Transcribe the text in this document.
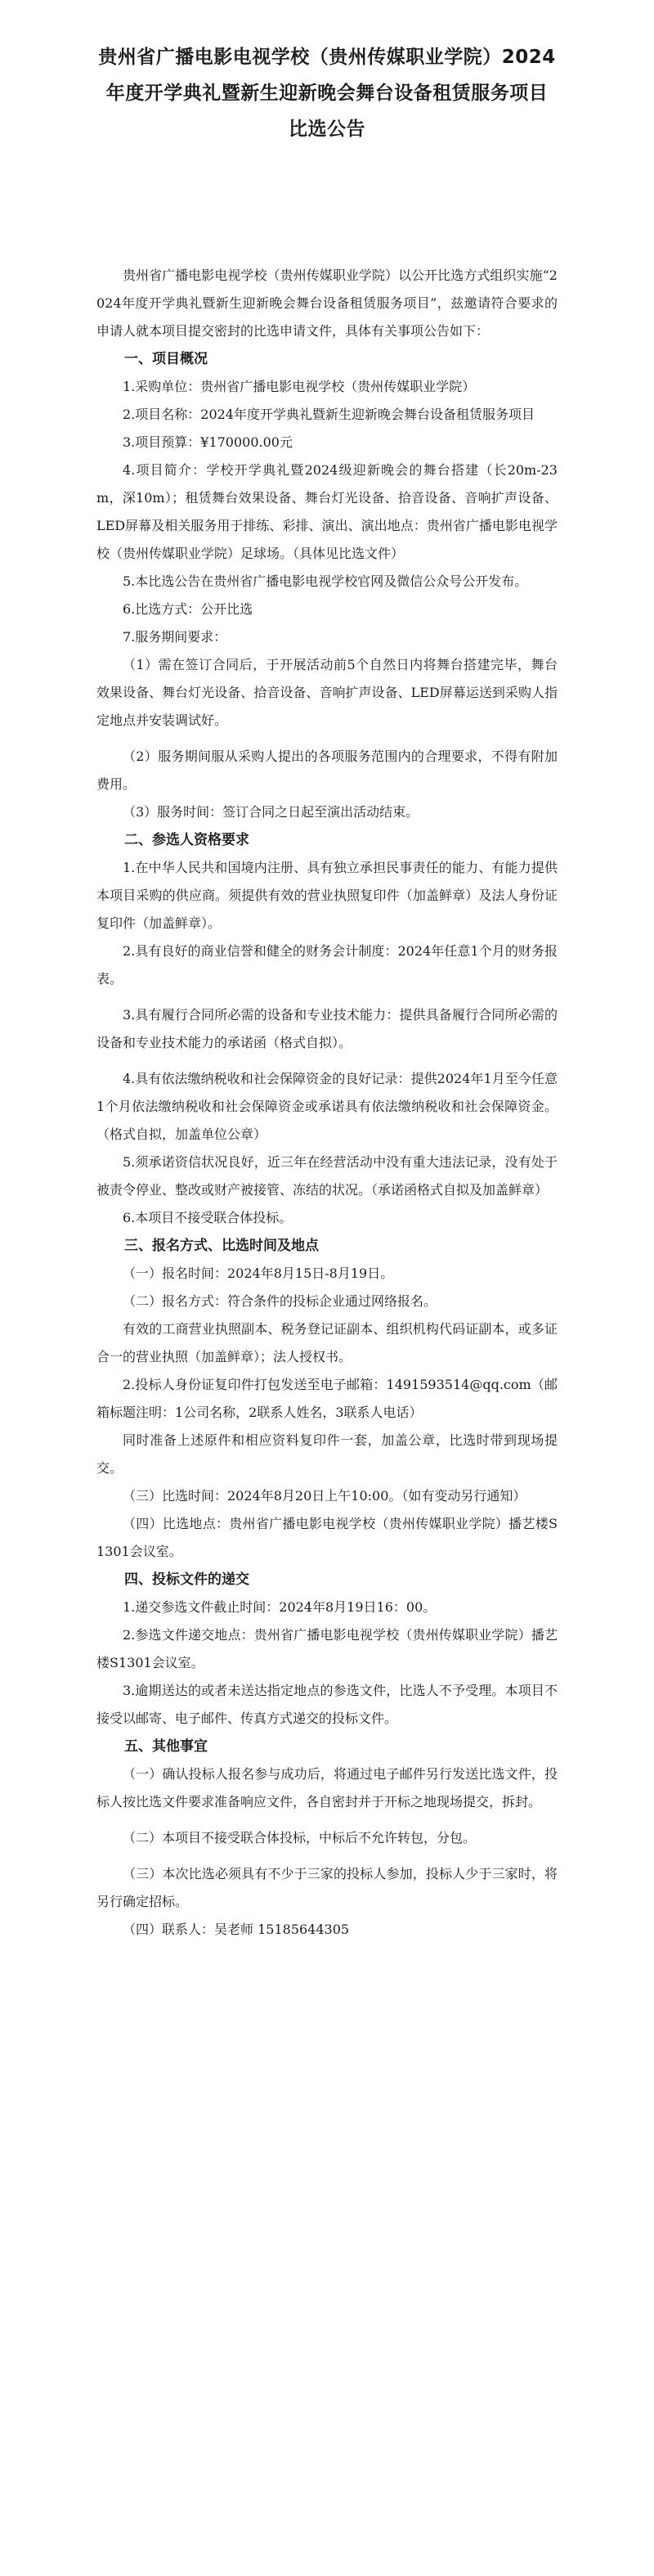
贵州省广播电影电视学校（贵州传媒职业学院）2024
年度开学典礼暨新生迎新晚会舞台设备租赁服务项目
比选公告

贵州省广播电影电视学校（贵州传媒职业学院）以公开比选方式组织实施“2024年度开学典礼暨新生迎新晚会舞台设备租赁服务项目”，兹邀请符合要求的申请人就本项目提交密封的比选申请文件，具体有关事项公告如下：

一、项目概况

1.采购单位：贵州省广播电影电视学校（贵州传媒职业学院）

2.项目名称：2024年度开学典礼暨新生迎新晚会舞台设备租赁服务项目

3.项目预算：¥170000.00元

4.项目简介：学校开学典礼暨2024级迎新晚会的舞台搭建（长20m-23m，深10m）；租赁舞台效果设备、舞台灯光设备、拾音设备、音响扩声设备、LED屏幕及相关服务用于排练、彩排、演出、演出地点：贵州省广播电影电视学校（贵州传媒职业学院）足球场。（具体见比选文件）

5.本比选公告在贵州省广播电影电视学校官网及微信公众号公开发布。

6.比选方式：公开比选

7.服务期间要求：

（1）需在签订合同后，于开展活动前5个自然日内将舞台搭建完毕，舞台效果设备、舞台灯光设备、拾音设备、音响扩声设备、LED屏幕运送到采购人指定地点并安装调试好。

（2）服务期间服从采购人提出的各项服务范围内的合理要求，不得有附加费用。

（3）服务时间：签订合同之日起至演出活动结束。

二、参选人资格要求

1.在中华人民共和国境内注册、具有独立承担民事责任的能力、有能力提供本项目采购的供应商。须提供有效的营业执照复印件（加盖鲜章）及法人身份证复印件（加盖鲜章）。

2.具有良好的商业信誉和健全的财务会计制度：2024年任意1个月的财务报表。

3.具有履行合同所必需的设备和专业技术能力：提供具备履行合同所必需的设备和专业技术能力的承诺函（格式自拟）。

4.具有依法缴纳税收和社会保障资金的良好记录：提供2024年1月至今任意1个月依法缴纳税收和社会保障资金或承诺具有依法缴纳税收和社会保障资金。（格式自拟，加盖单位公章）

5.须承诺资信状况良好，近三年在经营活动中没有重大违法记录，没有处于被责令停业、整改或财产被接管、冻结的状况。（承诺函格式自拟及加盖鲜章）

6.本项目不接受联合体投标。

三、报名方式、比选时间及地点

（一）报名时间：2024年8月15日-8月19日。

（二）报名方式：符合条件的投标企业通过网络报名。

有效的工商营业执照副本、税务登记证副本、组织机构代码证副本，或多证合一的营业执照（加盖鲜章）；法人授权书。

2.投标人身份证复印件打包发送至电子邮箱：1491593514@qq.com（邮箱标题注明：1公司名称，2联系人姓名，3联系人电话）

同时准备上述原件和相应资料复印件一套，加盖公章，比选时带到现场提交。

（三）比选时间：2024年8月20日上午10:00。（如有变动另行通知）

（四）比选地点：贵州省广播电影电视学校（贵州传媒职业学院）播艺楼S1301会议室。

四、投标文件的递交

1.递交参选文件截止时间：2024年8月19日16：00。

2.参选文件递交地点：贵州省广播电影电视学校（贵州传媒职业学院）播艺楼S1301会议室。

3.逾期送达的或者未送达指定地点的参选文件，比选人不予受理。本项目不接受以邮寄、电子邮件、传真方式递交的投标文件。

五、其他事宜

（一）确认投标人报名参与成功后，将通过电子邮件另行发送比选文件，投标人按比选文件要求准备响应文件，各自密封并于开标之地现场提交，拆封。

（二）本项目不接受联合体投标，中标后不允许转包，分包。

（三）本次比选必须具有不少于三家的投标人参加，投标人少于三家时，将另行确定招标。

（四）联系人：吴老师 15185644305
